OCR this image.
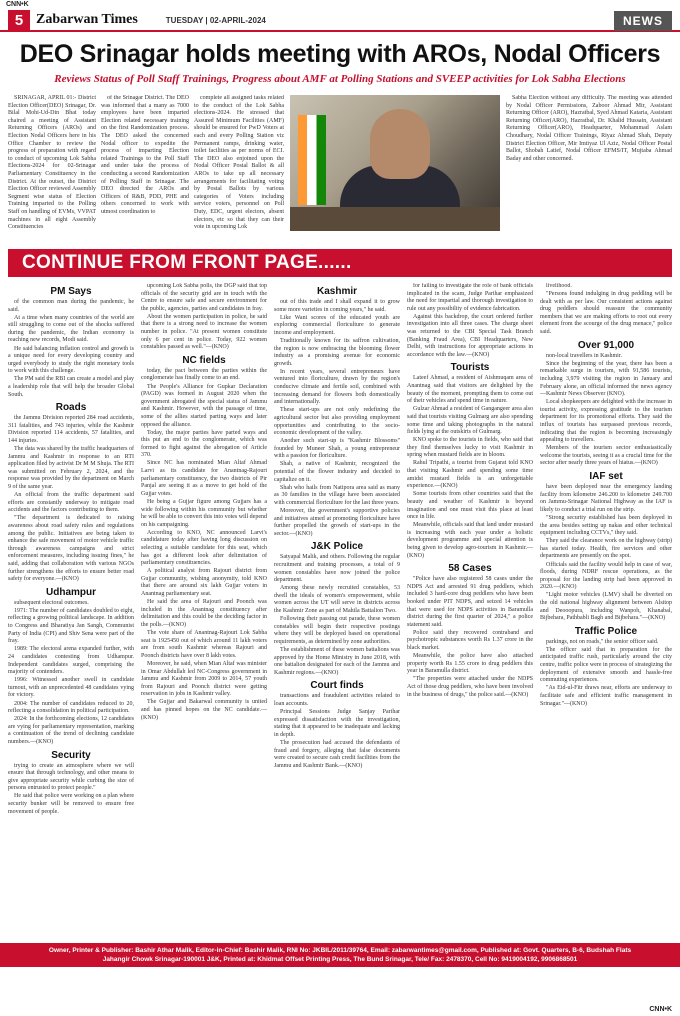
CNN•K
5 Zabarwan Times	TUESDAY | 02-APRIL-2024	NEWS
DEO Srinagar holds meeting with AROs, Nodal Officers
Reviews Status of Poll Staff Trainings, Progress about AMF at Polling Stations and SVEEP activities for Lok Sabha Elections

SRINAGAR, APRIL 01:- District Election Officer(DEO) Srinagar, Dr. Bilal Mohi-Ud-Din Bhat today chaired a meeting of Assistant Returning Officers (AROs) and Election Nodal Officers here in his Office Chamber to review the progress of preparation with regard to conduct of upcoming Lok Sabha Elections-2024 for 02-Srinagar Parliamentary Constituency in the District. At the outset, the District Election Officer reviewed Assembly Segment wise status of Election Training imparted to the Polling Staff on handling of EVMs, VVPAT machines in all eight Assembly Constituencies

of the Srinagar District. The DEO was informed that a many as 7000 employees have been imparted Election related necessary training on the first Randomization process. The DEO asked the concerned Nodal officer to expedite the process of imparting Election related Trainings to the Poll Staff and under take the process of conducting a second Randomization of Polling Staff in Srinagar. The DEO directed the AROs and Officers of R&B, PDD, PHE and others concerned to work with utmost coordination to

complete all assigned tasks related to the conduct of the Lok Sabha elections-2024. He stressed that Assured Minimum Facilities (AMF) should be ensured for PwD Voters at each and every Polling Station viz Permanent ramps, drinking water, toilet facilities as per norms of ECI. The DEO also enjoined upon the Nodal Officer Postal Ballot & all AROs to take up all necessary arrangements for facilitating voting by Postal Ballots by various categories of Voters including service voters, personnel on Poll Duty, EDC, urgent electors, absent electors, etc so that they can their vote in upcoming Lok

Sabha Election without any difficulty. The meeting was attended by Nodal Officer Permissions, Zaboor Ahmad Mir, Assistant Returning Officer (ARO), Hazratbal, Syed Ahmad Kataria, Assistant Returning Officer(ARO), Hazratbal, Dr. Khalid Hussain, Assistant Returning Officer(ARO), Headquarter, Mohammad Aslam Choudhary, Nodal Officer Trainings, Riyaz Ahmad Shah, Deputy District Election Officer, Mir Imtiyaz Ul Aziz, Nodal Officer Postal Ballot, Shobah Latief, Nodal Officer EFMS/IT, Mujtaba Ahmad Baday and other concerned.

CONTINUE FROM FRONT PAGE......
PM Says

of the common man during the pandemic, he said.

At a time when many countries of the world are still struggling to come out of the shocks suffered during the pandemic, the Indian economy is reaching new records, Modi said.

He said balancing inflation control and growth is a unique need for every developing country and urged everybody to study the right monetary tools to work with this challenge.

The PM said the RBI can create a model and play a leadership role that will help the broader Global South.

Roads

the Jammu Division reported 284 road accidents, 311 fatalities, and 743 injuries, while the Kashmir Division reported 114 accidents, 57 fatalities, and 144 injuries.

The data was shared by the traffic headquarters of Jammu and Kashmir in response to an RTI application filed by activist Dr M M Shuja. The RTI was submitted on February 2, 2024, and the response was provided by the department on March 9 of the same year.

An official from the traffic department said efforts are constantly underway to mitigate road accidents and the factors contributing to them.

"The department is dedicated to raising awareness about road safety rules and regulations among the public. Initiatives are being taken to enhance the safe movement of motor vehicle traffic through awareness campaigns and strict enforcement measures, including issuing fines," he said, adding that collaboration with various NGOs further strengthens the efforts to ensure better road safety for everyone.—(KNO)

Udhampur

subsequent electoral outcomes.

1971: The number of candidates doubled to eight, reflecting a growing political landscape. In addition to Congress and Bharatiya Jan Sangh, Communist Party of India (CPI) and Shiv Sena were part of the fray.

1989: The electoral arena expanded further, with 24 candidates contesting from Udhampur. Independent candidates surged, comprising the majority of contenders.

1996: Witnessed another swell in candidate turnout, with an unprecedented 48 candidates vying for victory.

2004: The number of candidates reduced to 20, reflecting a consolidation in political participation.

2024: In the forthcoming elections, 12 candidates are vying for parliamentary representation, marking a continuation of the trend of declining candidate numbers.—(KNO)

Security

trying to create an atmosphere where we will ensure that through technology, and other means to give appropriate security while curbing the size of persons entrusted to protect people."

He said that police were working on a plan where security bunker will be removed to ensure free movement of people.

upcoming Lok Sabha polls, the DGP said that top officials of the security grid are in touch with the Centre to ensure safe and secure environment for the public, agencies, parties and candidates in fray.

About the women participation in police, he said that there is a strong need to increase the women number in police. "At present women constitute only 6 per cent in police. Today, 922 women constables passed as well."—(KNO)

NC fields

today, the pact between the parties within the conglomerate has finally come to an end.

The People's Alliance for Gupkar Declaration (PAGD) was formed in August 2020 when the government abrogated the special status of Jammu and Kashmir. However, with the passage of time, some of the allies started parting ways and later opposed the alliance.

Today, the major parties have parted ways and this put an end to the conglomerate, which was formed to fight against the abrogation of Article 370.

Since NC has nominated Mian Altaf Ahmad Larvi as its candidate for Anantnag-Rajouri parliamentary constituency, the two districts of Pir Panjal are seeing it as a move to get hold of the Gujjar votes.

He being a Gujjar figure among Gujjars has a wide following within his community but whether he will be able to convert this into votes will depend on his campaigning.

According to KNO, NC announced Larvi's candidature today after having long discussion on selecting a suitable candidate for this seat, which has got a different look after delimitation of parliamentary constituencies.

A political analyst from Rajouri district from Gujjar community, wishing anonymity, told KNO that there are around six lakh Gujjar voters in Anantnag parliamentary seat.

He said the area of Rajouri and Poonch was included in the Anantnag constituency after delimitation and this could be the deciding factor in the polls.—(KNO)

The vote share of Anantnag-Rajouri Lok Sabha seat is 1925450 out of which around 11 lakh voters are from south Kashmir whereas Rajouri and Poonch districts have over 8 lakh votes.

Moreover, he said, when Mian Altaf was minister in Omar Abdullah led NC-Congress government in Jammu and Kashmir from 2009 to 2014, 57 youth from Rajouri and Poonch district were getting reservation in jobs in Kashmir valley.

The Gujjar and Bakarwal community is united and has pinned hopes on the NC candidate.—(KNO)

Kashmir

out of this trade and I shall expand it to grow some more varieties in coming years," he said.

Like Wani scores of the educated youth are exploring commercial floriculture to generate income and employment.

Traditionally known for its saffron cultivation, the region is now embracing the blooming flower industry as a promising avenue for economic growth.

In recent years, several entrepreneurs have ventured into floriculture, drawn by the region's conducive climate and fertile soil, combined with increasing demand for flowers both domestically and internationally.

These start-ups are not only redefining the agricultural sector but also providing employment opportunities and contributing to the socio-economic development of the valley.

Another such start-up is "Kashmir Blossoms" founded by Muneer Shah, a young entrepreneur with a passion for floriculture.

Shah, a native of Kashmir, recognized the potential of the flower industry and decided to capitalize on it.

Shah who hails from Natipora area said as many as 30 families in the village have been associated with commercial floriculture for the last three years.

Moreover, the government's supportive policies and initiatives aimed at promoting floriculture have further propelled the growth of start-ups in the sector.—(KNO)

J&K Police

Satyapal Malik, and others. Following the regular recruitment and training processes, a total of 9 women constables have now joined the police department.

Among these newly recruited constables, 53 dwell the ideals of women's empowerment, while women across the UT will serve in districts across the Kashmir Zone as part of Mahila Battalion Two.

Following their passing out parade, these women constables will begin their respective postings where they will be deployed based on operational requirements, as determined by zone authorities.

The establishment of these women battalions was approved by the Home Ministry in June 2018, with one battalion designated for each of the Jammu and Kashmir regions.—(KNO)

Court finds

transactions and fraudulent activities related to loan accounts.

Principal Sessions Judge Sanjay Parihar expressed dissatisfaction with the investigation, stating that it appeared to be inadequate and lacking in depth.

The prosecution had accused the defendants of fraud and forgery, alleging that false documents were created to secure cash credit facilities from the Jammu and Kashmir Bank.—(KNO)

for failing to investigate the role of bank officials implicated in the scam, Judge Parihar emphasized the need for impartial and thorough investigation to rule out any possibility of evidence fabrication.

Against this backdrop, the court ordered further investigation into all three cases. The charge sheet was returned to the CBI Special Task Branch (Banking Fraud Area), CBI Headquarters, New Delhi, with instructions for appropriate actions in accordance with the law.—(KNO)

Tourists

Lateef Ahmad, a resident of Aishmuqam area of Anantnag said that visitors are delighted by the beauty of the moment, prompting them to come out of their vehicles and spend time in nature.

Gulzar Ahmad a resident of Gangangeer area also said that tourists visiting Gulmarg are also spending some time and taking photographs in the natural fields lying at the outskirts of Gulmarg.

KNO spoke to the tourists in fields, who said that they find themselves lucky to visit Kashmir in spring when mustard fields are in bloom.

Rahul Tripathi, a tourist from Gujarat told KNO that visiting Kashmir and spending some time amidst mustard fields is an unforgettable experience.—(KNO)

Some tourists from other countries said that the beauty and weather of Kashmir is beyond imagination and one must visit this place at least once in life.

Meanwhile, officials said that land under mustard is increasing with each year under a holistic development programme and special attention is being given to develop agro-tourism in Kashmir.—(KNO)

58 Cases

"Police have also registered 58 cases under the NDPS Act and arrested 91 drug peddlers, which included 3 hard-core drug peddlers who have been booked under PIT NDPS, and seized 14 vehicles that were used for NDPS activities in Baramulla district during the first quarter of 2024," a police statement said.

Police said they recovered contraband and psychotropic substances worth Rs 1.37 crore in the black market.

Meanwhile, the police have also attached property worth Rs 1.55 crore to drug peddlers this year in Baramulla district.

"The properties were attached under the NDPS Act of those drug peddlers, who have been involved in the business of drugs," the police said.—(KNO)

livelihood.

"Persons found indulging in drug peddling will be dealt with as per law. Our consistent actions against drug peddlers should reassure the community members that we are making efforts to root out every element from the scourge of the drug menace," police said.

Over 91,000

non-local travellers in Kashmir.

Since the beginning of the year, there has been a remarkable surge in tourism, with 91,586 tourists, including 3,979 visiting the region in January and February alone, an official informed the news agency—Kashmir News Observer (KNO).

Local shopkeepers are delighted with the increase in tourist activity, expressing gratitude to the tourism department for its promotional efforts. They said the influx of tourists has surpassed previous records, indicating that the region is becoming increasingly appealing to travellers.

Members of the tourism sector enthusiastically welcome the tourists, seeing it as a crucial time for the sector after nearly three years of hiatus.—(KNO)

IAF set

have been deployed near the emergency landing facility from kilometre 246.200 to kilometre 249.700 on Jammu-Srinagar National Highway as the IAF is likely to conduct a trial run on the strip.

"Strong security established has been deployed in the area besides setting up nakas and other technical equipment including CCTVs," they said.

They said the clearance work on the highway (strip) has started today. Health, fire services and other departments are presently on the spot.

Officials said the facility would help in case of war, floods, during NDRF rescue operations, as the proposal for the landing strip had been approved in 2020.—(KNO)

"Light motor vehicles (LMV) shall be diverted on the old national highway alignment between Alsitop and Deooopura, including Wanpoh, Khanabal, Bijbehara, Pathbabli Bagh and Bijbehara."—(KNO)

Traffic Police

parkings, not on roads," the senior officer said.

The officer said that in preparation for the anticipated traffic rush, particularly around the city centre, traffic police were in process of strategizing the deployment of extensive smooth and hassle-free commuting experiences.

"As Eid-ul-Fitr draws near, efforts are underway to facilitate safe and efficient traffic management in Srinagar."—(KNO)

Owner, Printer & Publisher: Bashir Athar Malik, Editor-in-Chief: Bashir Malik, RNI No: JKBIL/2011/39764, Email: zabarwantimes@gmail.com, Published at: Govt. Quarters, B-6, Budshah Flats
Jahangir Chowk Srinagar-190001 J&K, Printed at: Khidmat Offset Printing Press, The Bund Srinagar, Tele/ Fax: 2478370, Cell No: 9419004192, 9906868501
CNN•K
